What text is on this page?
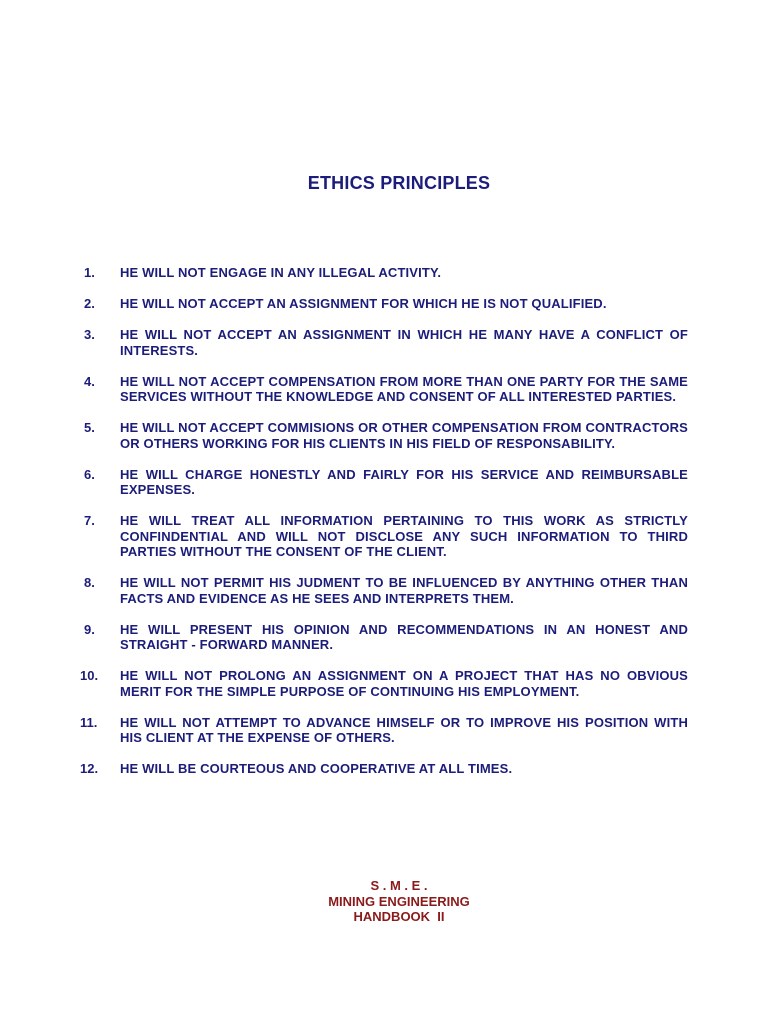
ETHICS PRINCIPLES
1.	HE WILL NOT ENGAGE IN ANY ILLEGAL ACTIVITY.
2.	HE WILL NOT ACCEPT AN ASSIGNMENT FOR WHICH HE IS NOT QUALIFIED.
3.	HE WILL NOT ACCEPT AN ASSIGNMENT IN WHICH HE MANY HAVE A CONFLICT OF INTERESTS.
4.	HE WILL NOT ACCEPT COMPENSATION FROM MORE THAN ONE PARTY FOR THE SAME SERVICES WITHOUT THE KNOWLEDGE AND CONSENT OF ALL INTERESTED PARTIES.
5.	HE WILL NOT ACCEPT COMMISIONS OR OTHER COMPENSATION FROM CONTRACTORS OR OTHERS WORKING FOR HIS CLIENTS IN HIS FIELD OF RESPONSABILITY.
6.	HE WILL CHARGE HONESTLY AND FAIRLY FOR HIS SERVICE AND REIMBURSABLE EXPENSES.
7.	HE WILL TREAT ALL INFORMATION PERTAINING TO THIS WORK AS STRICTLY CONFINDENTIAL AND WILL NOT DISCLOSE ANY SUCH INFORMATION TO THIRD PARTIES WITHOUT THE CONSENT OF THE CLIENT.
8.	HE WILL NOT PERMIT HIS JUDMENT TO BE INFLUENCED BY ANYTHING OTHER THAN FACTS AND EVIDENCE AS HE SEES AND INTERPRETS THEM.
9.	HE WILL PRESENT HIS OPINION AND RECOMMENDATIONS IN AN HONEST AND STRAIGHT - FORWARD MANNER.
10.	HE WILL NOT PROLONG AN ASSIGNMENT ON A PROJECT THAT HAS NO OBVIOUS MERIT FOR THE SIMPLE PURPOSE OF CONTINUING HIS EMPLOYMENT.
11.	HE WILL NOT ATTEMPT TO ADVANCE HIMSELF OR TO IMPROVE HIS POSITION WITH HIS CLIENT AT THE EXPENSE OF OTHERS.
12.	HE WILL BE COURTEOUS AND COOPERATIVE AT ALL TIMES.
S . M . E .
MINING ENGINEERING
HANDBOOK  II
